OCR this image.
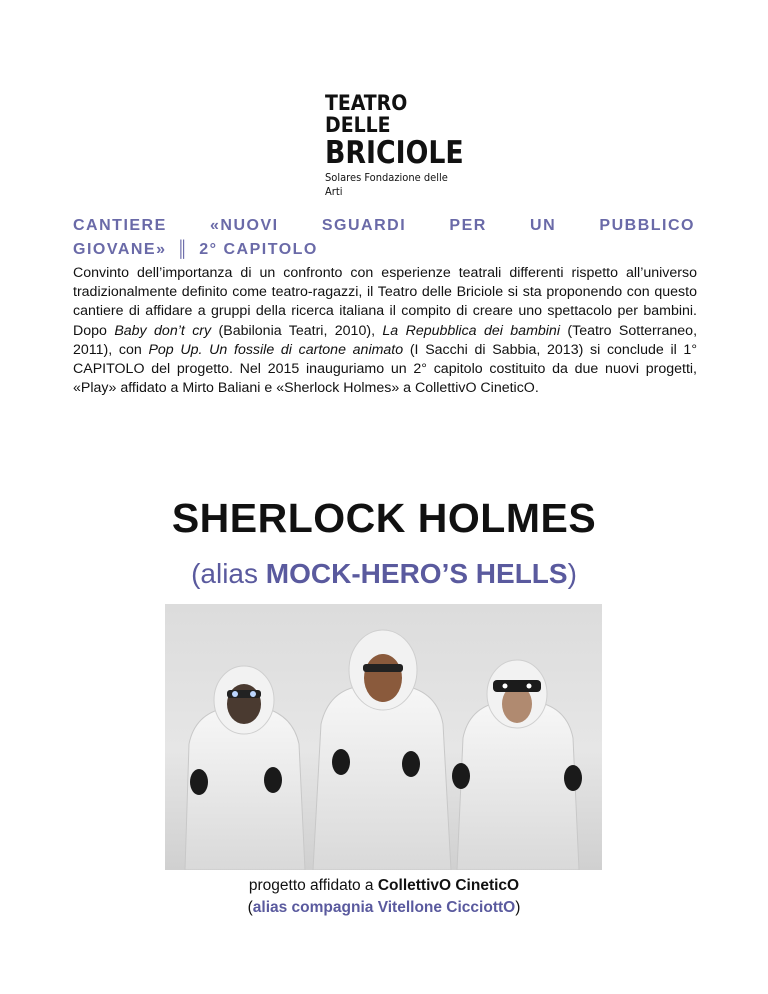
TEATRO DELLE
BRICIOLE
Solares Fondazione delle Arti
CANTIERE	«NUOVI	SGUARDI	PER	UN	PUBBLICO
GIOVANE» ║ 2° CAPITOLO

Convinto dell’importanza di un confronto con esperienze teatrali differenti rispetto all’universo tradizionalmente definito come teatro-ragazzi, il Teatro delle Briciole si sta proponendo con questo cantiere di affidare a gruppi della ricerca italiana il compito di creare uno spettacolo per bambini. Dopo Baby don’t cry (Babilonia Teatri, 2010), La Repubblica dei bambini (Teatro Sotterraneo, 2011), con Pop Up. Un fossile di cartone animato (I Sacchi di Sabbia, 2013) si conclude il 1° CAPITOLO del progetto. Nel 2015 inauguriamo un 2° capitolo costituito da due nuovi progetti, «Play» affidato a Mirto Baliani e «Sherlock Holmes» a CollettivO CineticO.

SHERLOCK HOLMES
(alias MOCK-HERO’S HELLS)
progetto affidato a CollettivO CineticO
(alias compagnia Vitellone CicciottO)
